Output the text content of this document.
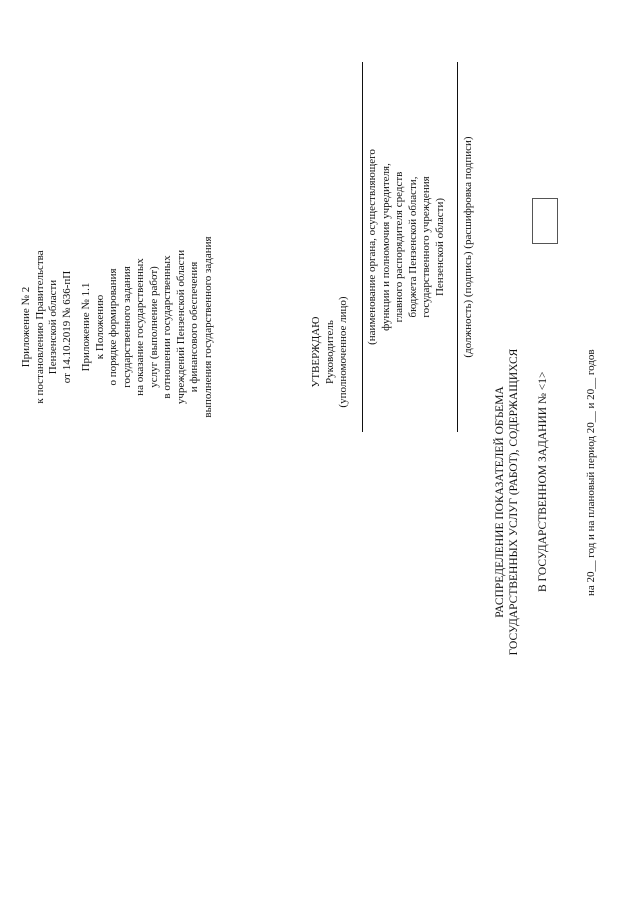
Приложение № 2 к постановлению Правительства Пензенской области от 14.10.2019 № 636-пП Приложение № 1.1 к Положению о порядке формирования государственного задания на оказание государственных услуг (выполнение работ) в отношении государственных учреждений Пензенской области и финансового обеспечения выполнения государственного задания	УТВЕРЖДАЮ Руководитель (уполномоченное лицо)
(наименование органа, осуществляющего функции и полномочия учредителя, главного распорядителя средств бюджета Пензенской области, государственного учреждения Пензенской области) (должность) (подпись) (расшифровка подписи)
РАСПРЕДЕЛЕНИЕ ПОКАЗАТЕЛЕЙ ОБЪЕМА ГОСУДАРСТВЕННЫХ УСЛУГ (РАБОТ), СОДЕРЖАЩИХСЯ В ГОСУДАРСТВЕННОМ ЗАДАНИИ № <1>	на 20__ год и на плановый период 20__ и 20__ годов
